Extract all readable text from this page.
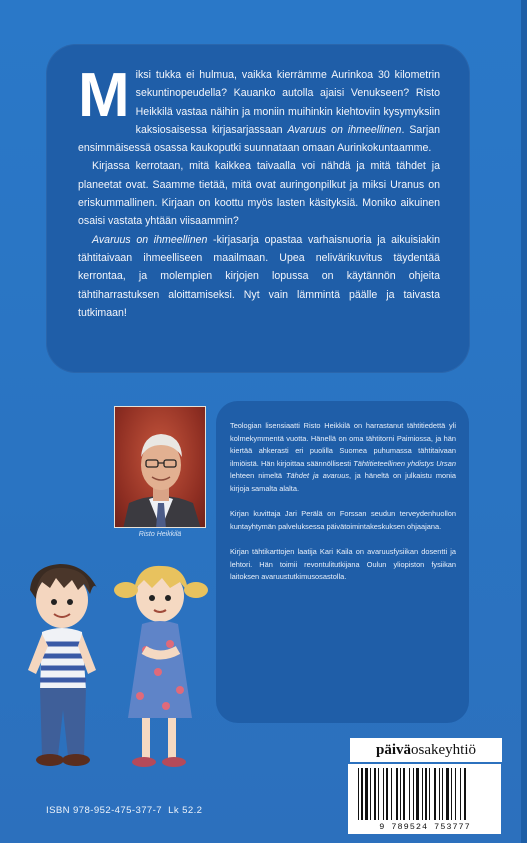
Miksi tukka ei hulmua, vaikka kierrämme Aurinkoa 30 kilometrin sekuntinopeudella? Kauanko autolla ajaisi Venukseen? Risto Heikkilä vastaa näihin ja moniin muihinkin kiehtoviin kysymyksiin kaksiosaisessa kirjasarjassaan Avaruus on ihmeellinen. Sarjan ensimmäisessä osassa kaukoputki suunnataan omaan Aurinkokuntaamme.

Kirjassa kerrotaan, mitä kaikkea taivaalla voi nähdä ja mitä tähdet ja planeetat ovat. Saamme tietää, mitä ovat auringonpilkut ja miksi Uranus on eriskummallinen. Kirjaan on koottu myös lasten käsityksiä. Moniko aikuinen osaisi vastata yhtään viisaammin?

Avaruus on ihmeellinen -kirjasarja opastaa varhaisnuoria ja aikuisiakin tähtitaivaan ihmeelliseen maailmaan. Upea nelivärikuvitus täydentää kerrontaa, ja molempien kirjojen lopussa on käytännön ohjeita tähtiharrastuksen aloittamiseksi. Nyt vain lämmintä päälle ja taivasta tutkimaan!

Risto Heikkilä

Teologian lisensiaatti Risto Heikkilä on harrastanut tähtitiedettä yli kolmekymmentä vuotta. Hänellä on oma tähtitorni Paimiossa, ja hän kiertää ahkerasti eri puolilla Suomea puhumassa tähtitaivaan ilmiöistä. Hän kirjoittaa säännöllisesti Tähtitieteellinen yhdistys Ursan lehteen nimeltä Tähdet ja avaruus, ja häneltä on julkaistu monia kirjoja samalta alalta.

Kirjan kuvittaja Jari Perälä on Forssan seudun terveydenhuollon kuntayhtymän palveluksessa päivätoimintakeskuksen ohjaajana.

Kirjan tähtikarttojen laatija Kari Kaila on avaruusfysiikan dosentti ja lehtori. Hän toimii revontulitutkijana Oulun yliopiston fysiikan laitoksen avaruustutkimusosastolla.

ISBN 978-952-475-377-7  Lk 52.2
päivä osakeyhtiö
9 789524 753777
